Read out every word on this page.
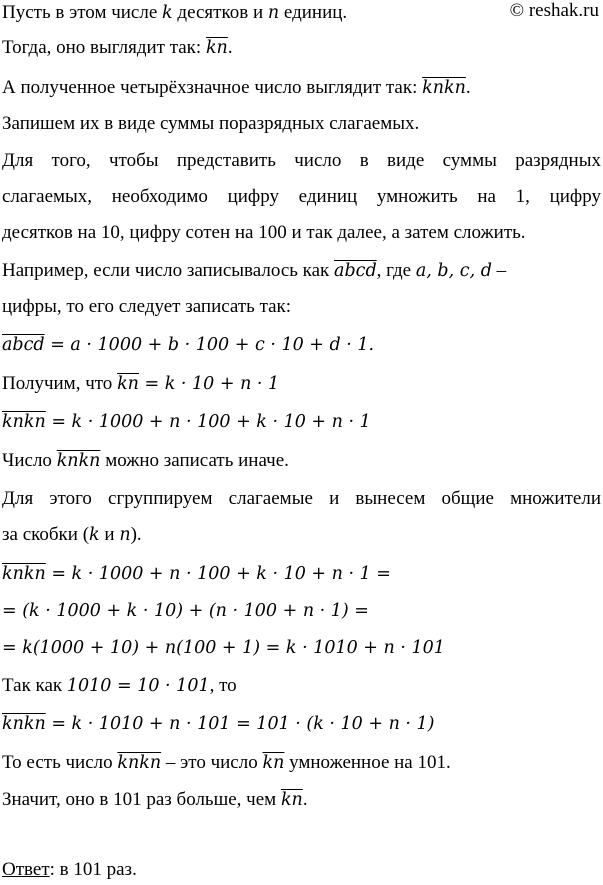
© reshak.ru
Пусть в этом числе k десятков и n единиц.
Тогда, оно выглядит так: $\overline{kn}$.
А полученное четырёхзначное число выглядит так: knkn.
Запишем их в виде суммы поразрядных слагаемых.
Для того, чтобы представить число в виде суммы разрядных
слагаемых, необходимо цифру единиц умножить на 1, цифру
десятков на 10, цифру сотен на 100 и так далее, а затем сложить.
Например, если число записывалось как abcd, где a, b, c, d –
цифры, то его следует записать так:
abcd = a · 1000 + b · 100 + c · 10 + d · 1.
Получим, что $\overline{kn} = k \cdot 10 + n \cdot 1$
knkn = k · 1000 + n · 100 + k · 10 + n · 1
Число knkn можно записать иначе.
Для этого сгруппируем слагаемые и вынесем общие множители
за скобки (k и n).
knkn = k · 1000 + n · 100 + k · 10 + n · 1 =
= (k · 1000 + k · 10) + (n · 100 + n · 1) =
= k(1000 + 10) + n(100 + 1) = k · 1010 + n · 101
Так как 1010 = 10 · 101, то
knkn = k · 1010 + n · 101 = 101 · (k · 10 + n · 1)
То есть число knkn – это число $\overline{kn}$ умноженное на 101.
Значит, оно в 101 раз больше, чем $\overline{kn}$.
Ответ: в 101 раз.
